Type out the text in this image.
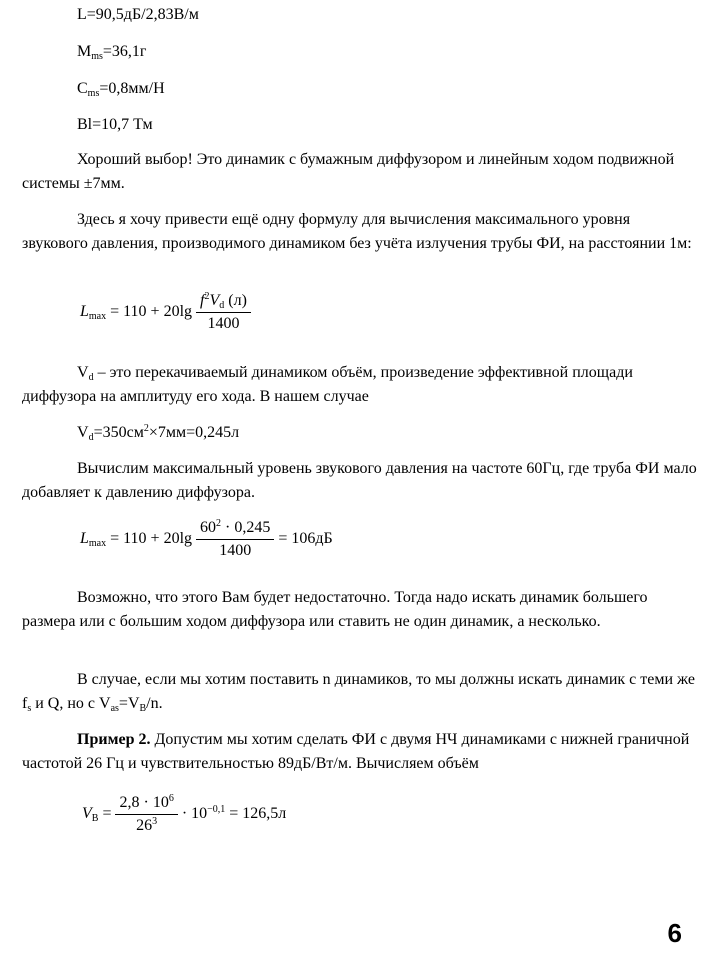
L=90,5дБ/2,83В/м

$M_{ms}=36,1г$

$C_{ms}=0,8мм/Н$

Bl=10,7 Тм

Хороший выбор! Это динамик с бумажным диффузором и линейным ходом подвижной системы ±7мм.

Здесь я хочу привести ещё одну формулу для вычисления максимального уровня звукового давления, производимого динамиком без учёта излучения трубы ФИ, на расстоянии 1м:

$L_{max} = 110 + 20\lg \frac{f^2V_d (л)}{1400}$

$V_d$ – это перекачиваемый динамиком объём, произведение эффективной площади диффузора на амплитуду его хода. В нашем случае

$V_d=350см^2\times 7мм=0,245л$

Вычислим максимальный уровень звукового давления на частоте 60Гц, где труба ФИ мало добавляет к давлению диффузора.

$L_{max} = 110 + 20\lg \frac{60^2 \cdot 0,245}{1400} = 106дБ$

Возможно, что этого Вам будет недостаточно. Тогда надо искать динамик большего размера или с большим ходом диффузора или ставить не один динамик, а несколько.

В случае, если мы хотим поставить n динамиков, то мы должны искать динамик с теми же $f_s$ и Q, но с $V_{as}=V_B/n$.

Пример 2. Допустим мы хотим сделать ФИ с двумя НЧ динамиками с нижней граничной частотой 26 Гц и чувствительностью 89дБ/Вт/м. Вычисляем объём

$V_B = \frac{2,8 \cdot 10^6}{26^3} \cdot 10^{-0,1} = 126,5л$
6
